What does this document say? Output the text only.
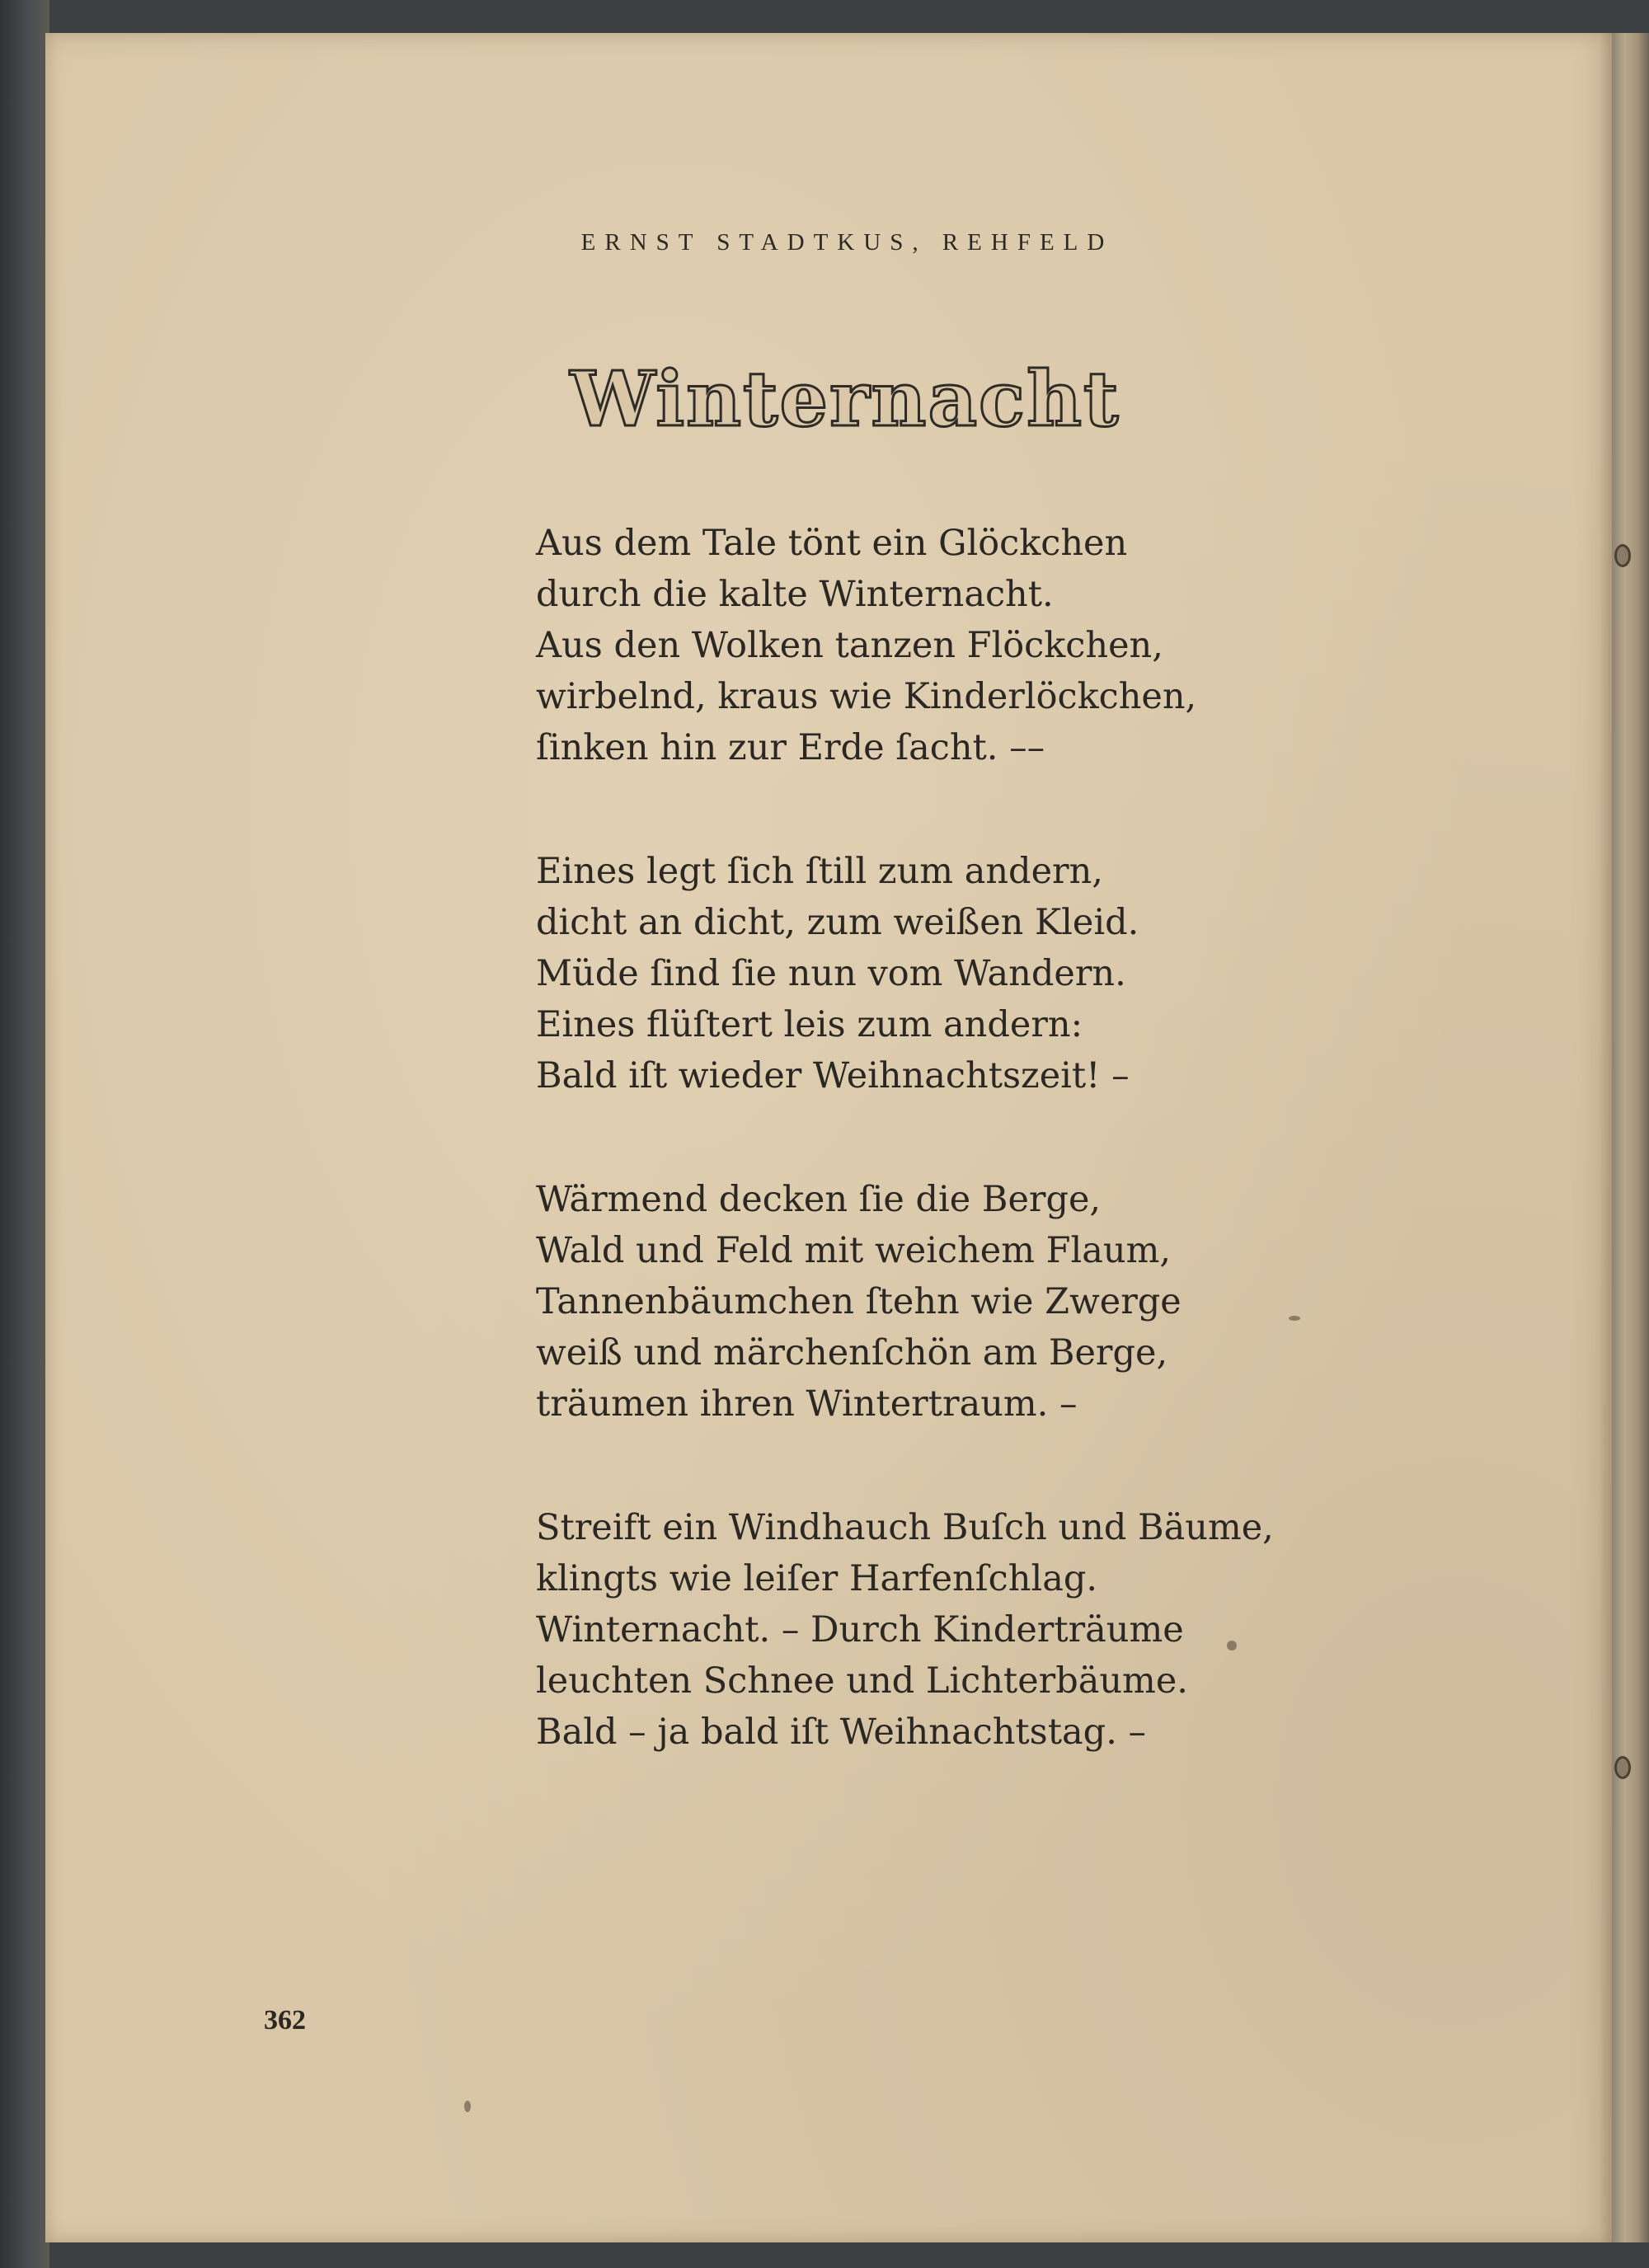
ERNST STADTKUS, REHFELD
Winternacht
Aus dem Tale tönt ein Glöckchen
durch die kalte Winternacht.
Aus den Wolken tanzen Flöckchen,
wirbelnd, kraus wie Kinderlöckchen,
ſinken hin zur Erde ſacht. ––
Eines legt ſich ſtill zum andern,
dicht an dicht, zum weißen Kleid.
Müde ſind ſie nun vom Wandern.
Eines flüſtert leis zum andern:
Bald iſt wieder Weihnachtszeit! –
Wärmend decken ſie die Berge,
Wald und Feld mit weichem Flaum,
Tannenbäumchen ſtehn wie Zwerge
weiß und märchenſchön am Berge,
träumen ihren Wintertraum. –
Streift ein Windhauch Buſch und Bäume,
klingts wie leiſer Harfenſchlag.
Winternacht. – Durch Kinderträume
leuchten Schnee und Lichterbäume.
Bald – ja bald iſt Weihnachtstag. –
362
